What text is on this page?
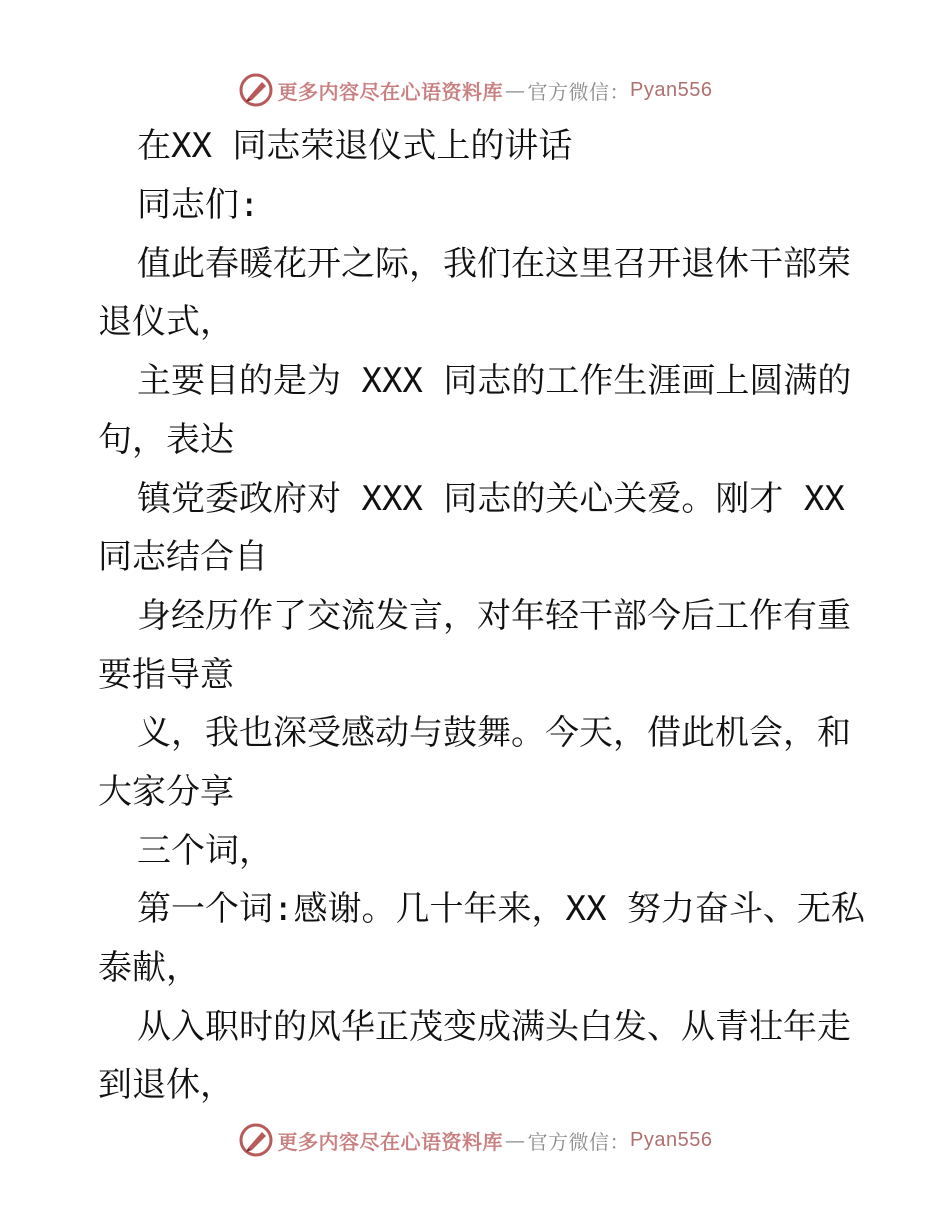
更多内容尽在心语资料库 — 官方微信： Pyan556
在XX 同志荣退仪式上的讲话
同志们:
值此春暖花开之际，我们在这里召开退休干部荣
退仪式，
主要目的是为 XXX 同志的工作生涯画上圆满的
句，表达
镇党委政府对 XXX 同志的关心关爱。刚才 XX
同志结合自
身经历作了交流发言，对年轻干部今后工作有重
要指导意
义，我也深受感动与鼓舞。今天，借此机会，和
大家分享
三个词，
第一个词:感谢。几十年来，XX 努力奋斗、无私
泰献，
从入职时的风华正茂变成满头白发、从青壮年走
到退休，
更多内容尽在心语资料库 — 官方微信： Pyan556
